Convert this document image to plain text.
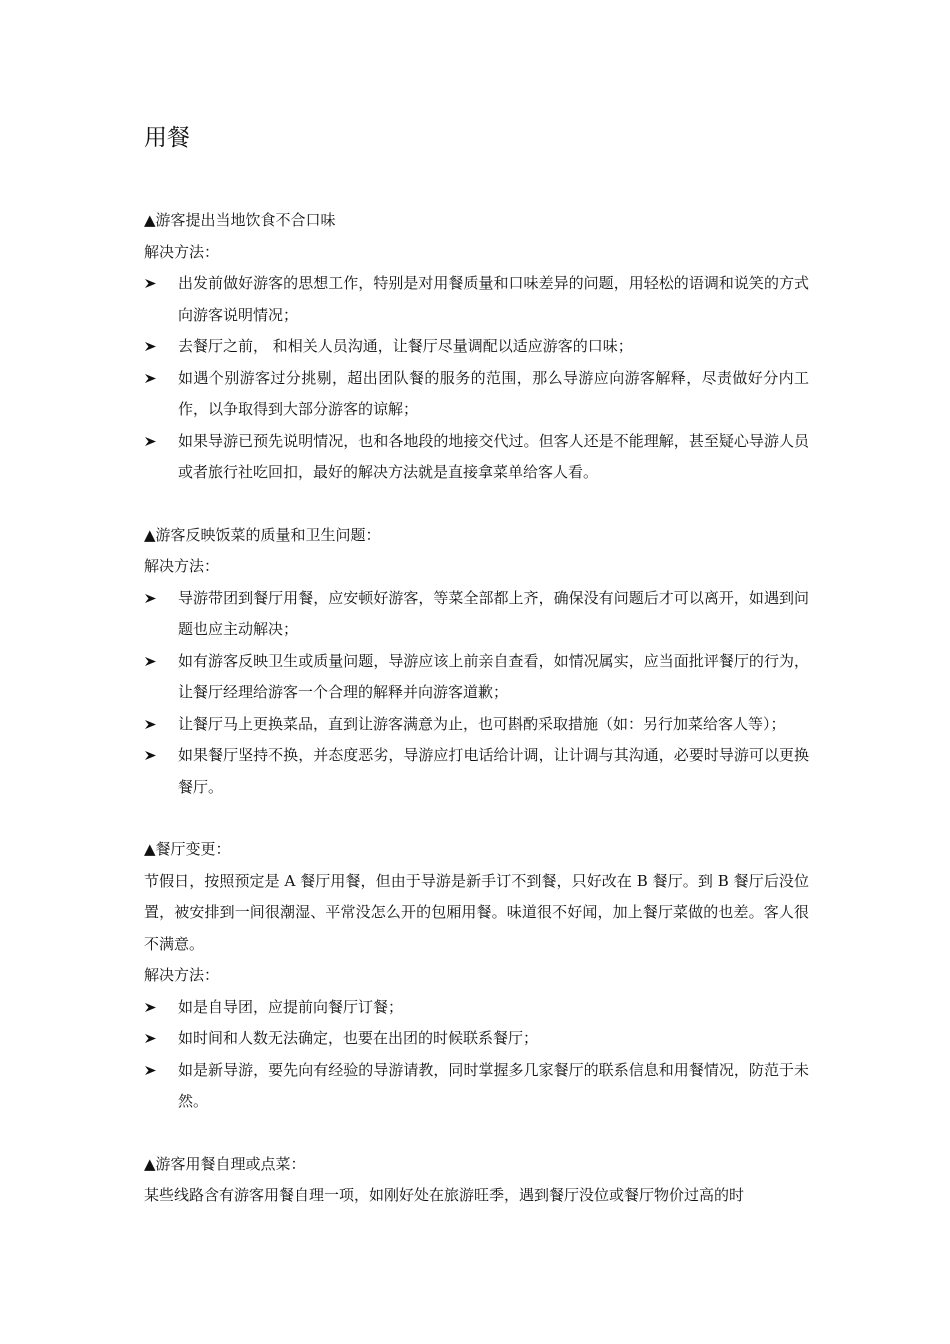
用餐

▲游客提出当地饮食不合口味

解决方法：

出发前做好游客的思想工作，特别是对用餐质量和口味差异的问题，用轻松的语调和说笑的方式向游客说明情况；
去餐厅之前， 和相关人员沟通，让餐厅尽量调配以适应游客的口味；
如遇个别游客过分挑剔，超出团队餐的服务的范围，那么导游应向游客解释，尽责做好分内工作，以争取得到大部分游客的谅解；
如果导游已预先说明情况，也和各地段的地接交代过。但客人还是不能理解，甚至疑心导游人员或者旅行社吃回扣，最好的解决方法就是直接拿菜单给客人看。

▲游客反映饭菜的质量和卫生问题：

解决方法：

导游带团到餐厅用餐，应安顿好游客，等菜全部都上齐，确保没有问题后才可以离开，如遇到问题也应主动解决；
如有游客反映卫生或质量问题，导游应该上前亲自查看，如情况属实，应当面批评餐厅的行为，让餐厅经理给游客一个合理的解释并向游客道歉；
让餐厅马上更换菜品，直到让游客满意为止，也可斟酌采取措施（如：另行加菜给客人等）；
如果餐厅坚持不换，并态度恶劣，导游应打电话给计调，让计调与其沟通，必要时导游可以更换餐厅。

▲餐厅变更：

节假日，按照预定是 A 餐厅用餐，但由于导游是新手订不到餐，只好改在 B 餐厅。到 B 餐厅后没位置，被安排到一间很潮湿、平常没怎么开的包厢用餐。味道很不好闻，加上餐厅菜做的也差。客人很不满意。

解决方法：

如是自导团，应提前向餐厅订餐；
如时间和人数无法确定，也要在出团的时候联系餐厅；
如是新导游，要先向有经验的导游请教，同时掌握多几家餐厅的联系信息和用餐情况，防范于未然。

▲游客用餐自理或点菜：

某些线路含有游客用餐自理一项，如刚好处在旅游旺季，遇到餐厅没位或餐厅物价过高的时
